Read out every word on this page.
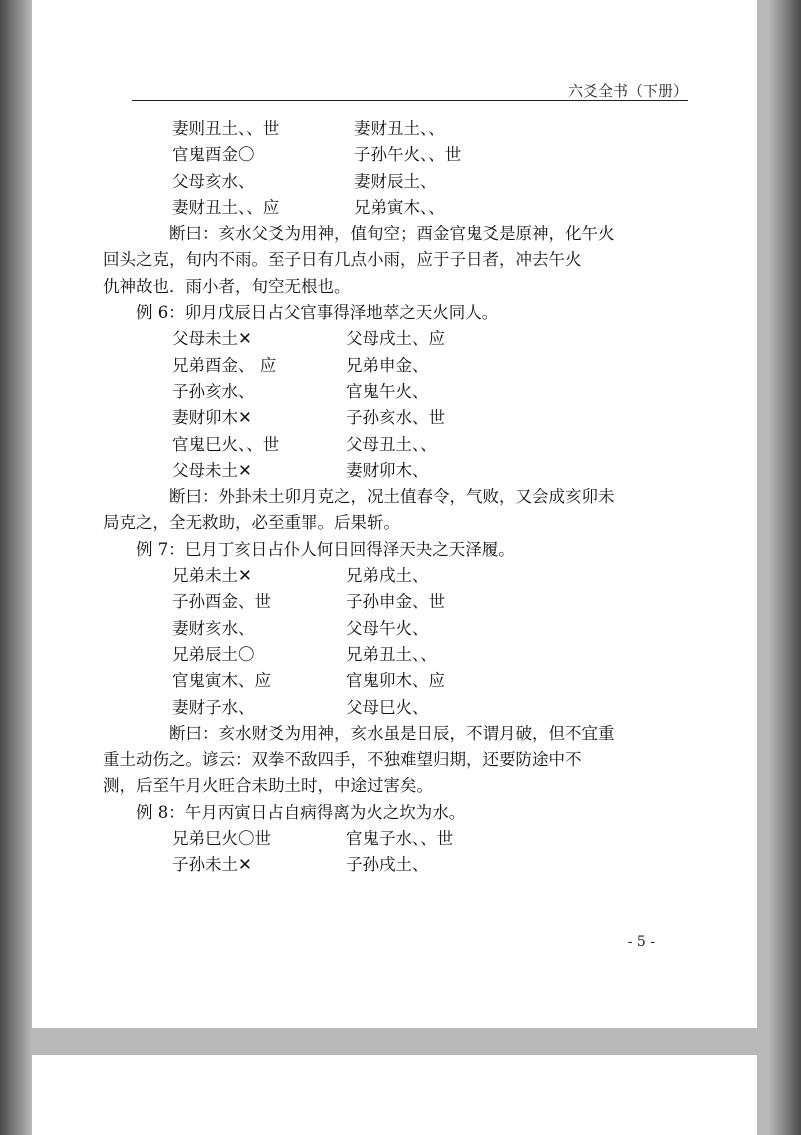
六爻全书（下册）
妻则丑土、、世	妻财丑土、、
官鬼酉金〇	子孙午火、、世
父母亥水、	妻财辰土、
妻财丑土、、应	兄弟寅木、、
断曰：亥水父爻为用神，值旬空；酉金官鬼爻是原神，化午火
回头之克，旬内不雨。至子日有几点小雨，应于子日者，冲去午火
仇神故也．雨小者，旬空无根也。
例 6：卯月戊辰日占父官事得泽地萃之天火同人。
父母未土✕	父母戌土、应
兄弟酉金、 应	兄弟申金、
子孙亥水、	官鬼午火、
妻财卯木✕	子孙亥水、世
官鬼巳火、、世	父母丑土、、
父母未土✕	妻财卯木、
断曰：外卦未土卯月克之，况土值春令，气败，又会成亥卯未
局克之，全无救助，必至重罪。后果斩。
例 7：巳月丁亥日占仆人何日回得泽天夬之天泽履。
兄弟未土✕	兄弟戌土、
子孙酉金、世	子孙申金、世
妻财亥水、	父母午火、
兄弟辰土〇	兄弟丑土、、
官鬼寅木、应	官鬼卯木、应
妻财子水、	父母巳火、
断曰：亥水财爻为用神，亥水虽是日辰，不谓月破，但不宜重
重土动伤之。谚云：双拳不敌四手，不独难望归期，还要防途中不
测，后至午月火旺合未助土时，中途过害矣。
例 8：午月丙寅日占自病得离为火之坎为水。
兄弟巳火〇世	官鬼子水、、世
子孙未土✕	子孙戌土、
- 5 -
